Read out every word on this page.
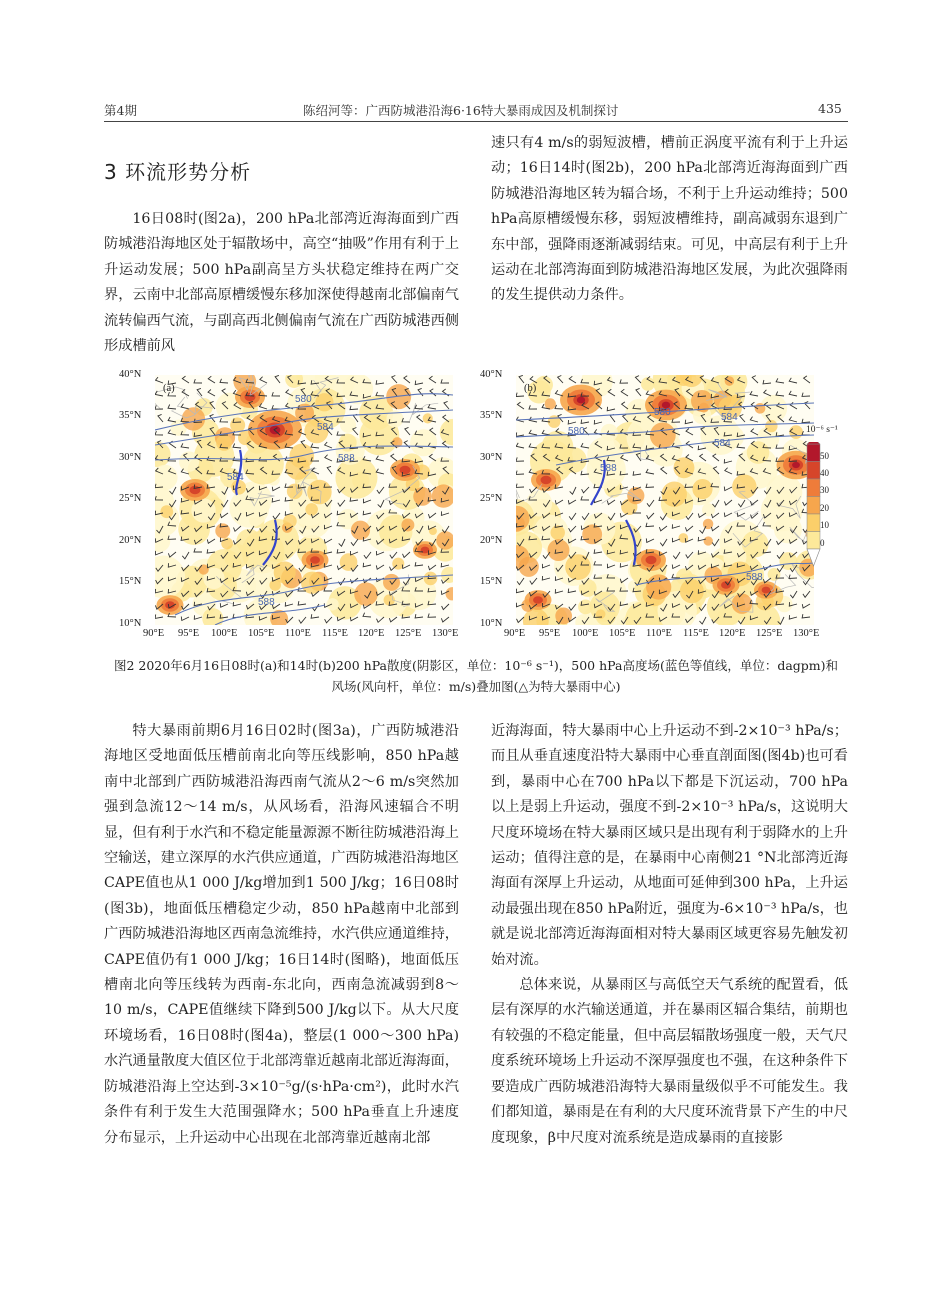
第4期	陈绍河等：广西防城港沿海6·16特大暴雨成因及机制探讨	435
3 环流形势分析

16日08时(图2a)，200 hPa北部湾近海海面到广西防城港沿海地区处于辐散场中，高空“抽吸”作用有利于上升运动发展；500 hPa副高呈方头状稳定维持在两广交界，云南中北部高原槽缓慢东移加深使得越南北部偏南气流转偏西气流，与副高西北侧偏南气流在广西防城港西侧形成槽前风

速只有4 m/s的弱短波槽，槽前正涡度平流有利于上升运动；16日14时(图2b)，200 hPa北部湾近海海面到广西防城港沿海地区转为辐合场，不利于上升运动维持；500 hPa高原槽缓慢东移，弱短波槽维持，副高减弱东退到广东中部，强降雨逐渐减弱结束。可见，中高层有利于上升运动在北部湾海面到防城港沿海地区发展，为此次强降雨的发生提供动力条件。

580
584
588
584
588
(a)
580
584
588
584
588
(b)
580
40°N
35°N
30°N
25°N
20°N
15°N
10°N
40°N
35°N
30°N
25°N
20°N
15°N
10°N
90°E 95°E 100°E 105°E 110°E 115°E 120°E 125°E 130°E	90°E 95°E 100°E 105°E 110°E 115°E 120°E 125°E 130°E
10⁻⁶ s⁻¹
50
40
30
20
10
0
图2 2020年6月16日08时(a)和14时(b)200 hPa散度(阴影区，单位：10⁻⁶ s⁻¹)，500 hPa高度场(蓝色等值线，单位：dagpm)和
风场(风向杆，单位：m/s)叠加图(△为特大暴雨中心)

特大暴雨前期6月16日02时(图3a)，广西防城港沿海地区受地面低压槽前南北向等压线影响，850 hPa越南中北部到广西防城港沿海西南气流从2～6 m/s突然加强到急流12～14 m/s，从风场看，沿海风速辐合不明显，但有利于水汽和不稳定能量源源不断往防城港沿海上空输送，建立深厚的水汽供应通道，广西防城港沿海地区CAPE值也从1 000 J/kg增加到1 500 J/kg；16日08时(图3b)，地面低压槽稳定少动，850 hPa越南中北部到广西防城港沿海地区西南急流维持，水汽供应通道维持，CAPE值仍有1 000 J/kg；16日14时(图略)，地面低压槽南北向等压线转为西南-东北向，西南急流减弱到8～10 m/s，CAPE值继续下降到500 J/kg以下。从大尺度环境场看，16日08时(图4a)，整层(1 000～300 hPa)水汽通量散度大值区位于北部湾靠近越南北部近海海面，防城港沿海上空达到-3×10⁻⁵g/(s·hPa·cm²)，此时水汽条件有利于发生大范围强降水；500 hPa垂直上升速度分布显示，上升运动中心出现在北部湾靠近越南北部

近海海面，特大暴雨中心上升运动不到-2×10⁻³ hPa/s；而且从垂直速度沿特大暴雨中心垂直剖面图(图4b)也可看到，暴雨中心在700 hPa以下都是下沉运动，700 hPa以上是弱上升运动，强度不到-2×10⁻³ hPa/s，这说明大尺度环境场在特大暴雨区域只是出现有利于弱降水的上升运动；值得注意的是，在暴雨中心南侧21 °N北部湾近海海面有深厚上升运动，从地面可延伸到300 hPa，上升运动最强出现在850 hPa附近，强度为-6×10⁻³ hPa/s，也就是说北部湾近海海面相对特大暴雨区域更容易先触发初始对流。

总体来说，从暴雨区与高低空天气系统的配置看，低层有深厚的水汽输送通道，并在暴雨区辐合集结，前期也有较强的不稳定能量，但中高层辐散场强度一般，天气尺度系统环境场上升运动不深厚强度也不强，在这种条件下要造成广西防城港沿海特大暴雨量级似乎不可能发生。我们都知道，暴雨是在有利的大尺度环流背景下产生的中尺度现象，β中尺度对流系统是造成暴雨的直接影
